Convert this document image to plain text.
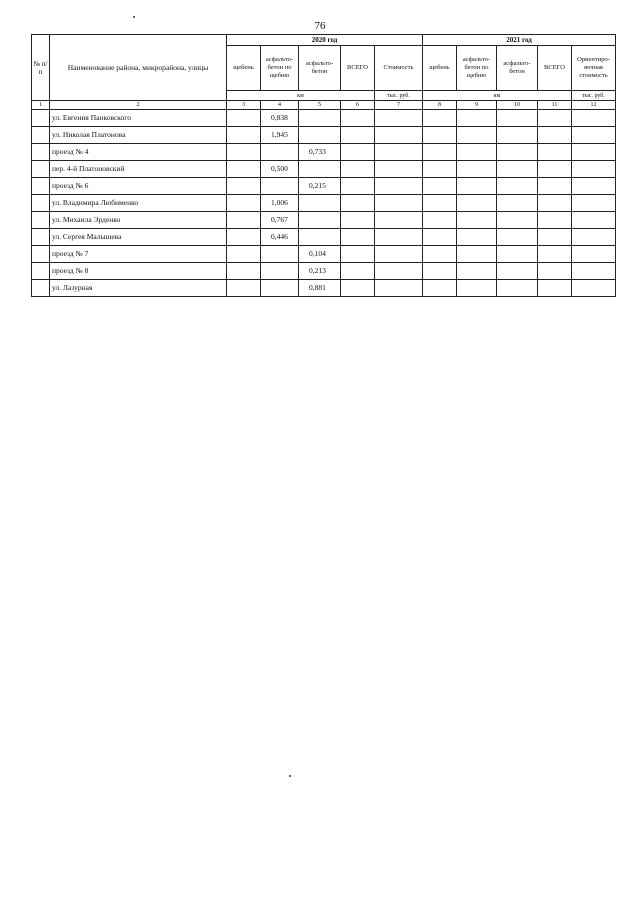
76
№ п/п	Наименование района, микрорайона, улицы	2020 год					2021 год				
		щебень	асфальто-бетон по щебню	асфальто-бетон	ВСЕГО	Стоимость	щебень	асфальто-бетон по щебню	асфальто-бетон	ВСЕГО	Ориентиро-вочная стоимость
		км				тыс. руб.	км				тыс. руб.
1	2	3	4	5	6	7	8	9	10	11	12
	ул. Евгения Панковского		0,838								
	ул. Николая Платонова		1,945								
	проезд № 4			0,733							
	пер. 4-й Платоновский		0,500								
	проезд № 6			0,215							
	ул. Владимира Любименко		1,006								
	ул. Михаила Эрденко		0,767								
	ул. Сергея Малышева		0,446								
	проезд № 7			0,104							
	проезд № 8			0,213							
	ул. Лазурная			0,881							
